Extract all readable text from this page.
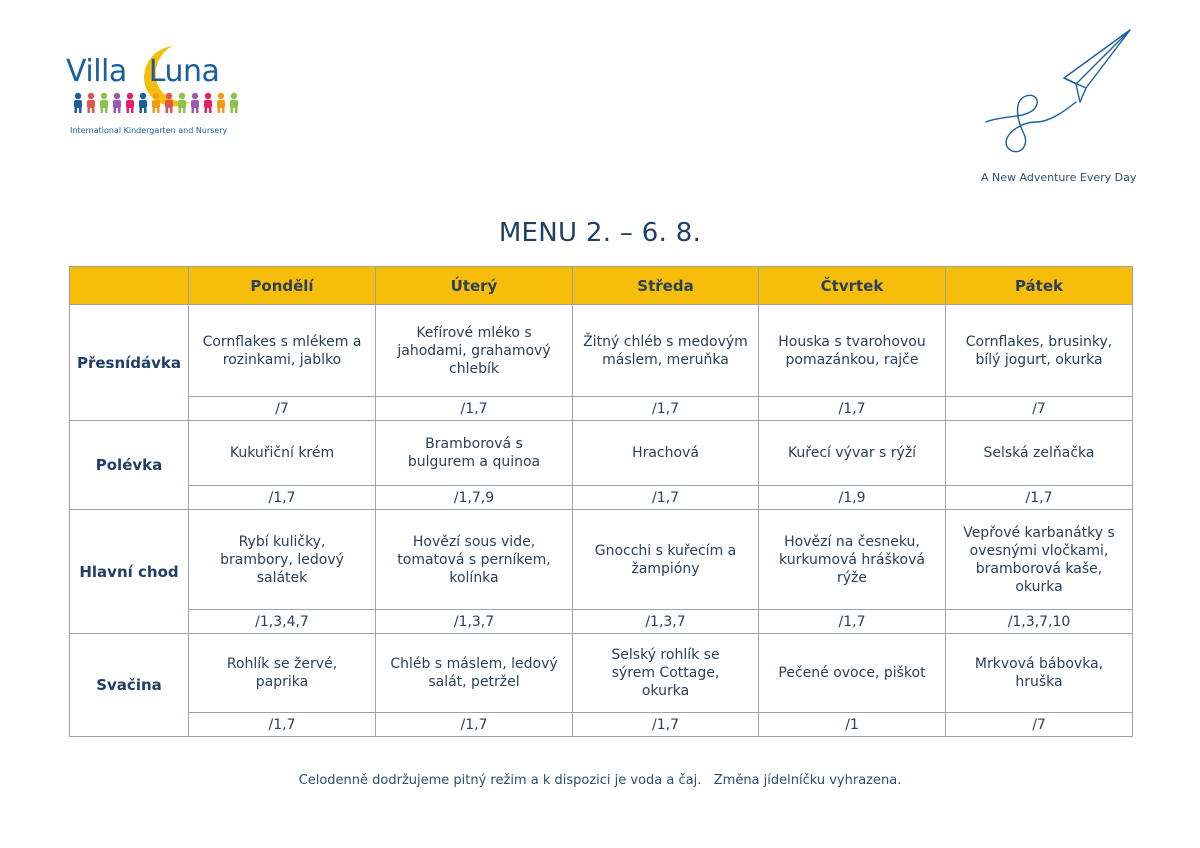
Villa Luna
International Kindergarten and Nursery
A New Adventure Every Day
MENU 2. – 6. 8.
	Pondělí	Úterý	Středa	Čtvrtek	Pátek
Přesnídávka	Cornflakes s mlékem a rozinkami, jablko	Kefírové mléko s jahodami, grahamový chlebík	Žitný chléb s medovým máslem, meruňka	Houska s tvarohovou pomazánkou, rajče	Cornflakes, brusinky, bílý jogurt, okurka
	/7	/1,7	/1,7	/1,7	/7
Polévka	Kukuřiční krém	Bramborová s bulgurem a quinoa	Hrachová	Kuřecí vývar s rýží	Selská zelňačka
	/1,7	/1,7,9	/1,7	/1,9	/1,7
Hlavní chod	Rybí kuličky, brambory, ledový salátek	Hovězí sous vide, tomatová s perníkem, kolínka	Gnocchi s kuřecím a žampióny	Hovězí na česneku, kurkumová hrášková rýže	Vepřové karbanátky s ovesnými vločkami, bramborová kaše, okurka
	/1,3,4,7	/1,3,7	/1,3,7	/1,7	/1,3,7,10
Svačina	Rohlík se žervé, paprika	Chléb s máslem, ledový salát, petržel	Selský rohlík se sýrem Cottage, okurka	Pečené ovoce, piškot	Mrkvová bábovka, hruška
	/1,7	/1,7	/1,7	/1	/7
Celodenně dodržujeme pitný režim a k dispozici je voda a čaj.   Změna jídelníčku vyhrazena.
